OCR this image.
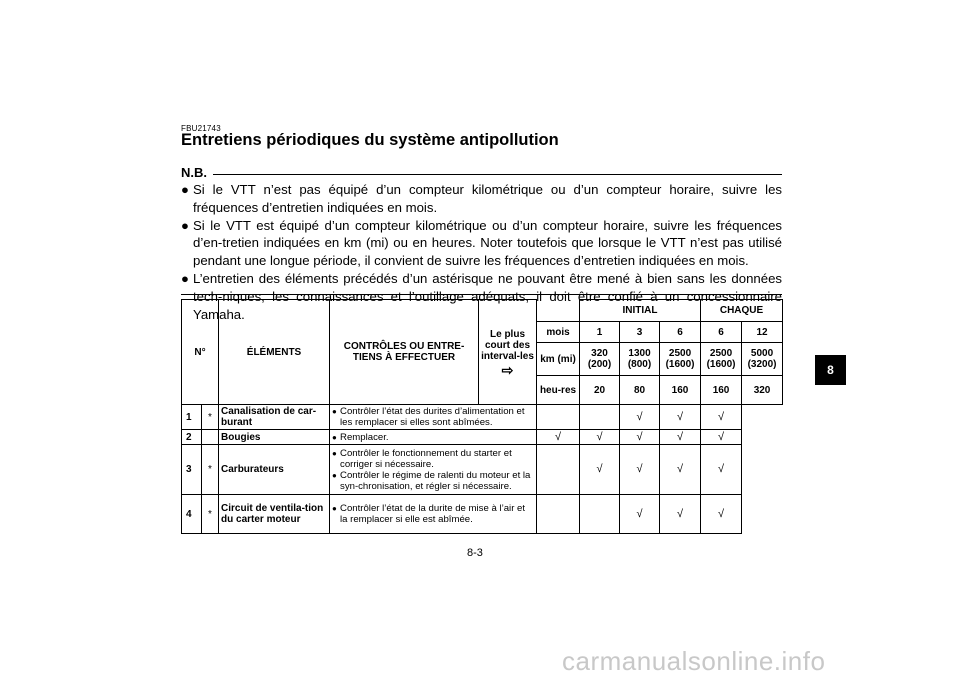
FBU21743
Entretiens périodiques du système antipollution
N.B.
● Si le VTT n’est pas équipé d’un compteur kilométrique ou d’un compteur horaire, suivre les fréquences d’entretien indiquées en mois.
● Si le VTT est équipé d’un compteur kilométrique ou d’un compteur horaire, suivre les fréquences d’en-tretien indiquées en km (mi) ou en heures. Noter toutefois que lorsque le VTT n’est pas utilisé pendant une longue période, il convient de suivre les fréquences d’entretien indiquées en mois.
● L’entretien des éléments précédés d’un astérisque ne pouvant être mené à bien sans les données tech-niques, les connaissances et l’outillage adéquats, il doit être confié à un concessionnaire Yamaha.
N°		ÉLÉMENTS	CONTRÔLES OU ENTRE-TIENS À EFFECTUER	Le plus court des interval-les
⇨		INITIAL			CHAQUE	
					mois	1	3	6	6	12
					km (mi)	320 (200)	1300 (800)	2500 (1600)	2500 (1600)	5000 (3200)
					heu-res	20	80	160	160	320
1	*	Canalisation de car-burant	● Contrôler l’état des durites d’alimentation et les remplacer si elles sont abîmées.				√	√	√	
2		Bougies	● Remplacer.		√	√	√	√	√	
3	*	Carburateurs	● Contrôler le fonctionnement du starter et corriger si nécessaire.
● Contrôler le régime de ralenti du moteur et la syn-chronisation, et régler si nécessaire.			√	√	√	√	
4	*	Circuit de ventila-tion du carter moteur	● Contrôler l’état de la durite de mise à l’air et la remplacer si elle est abîmée.				√	√	√	
8
8-3
carmanualsonline.info
